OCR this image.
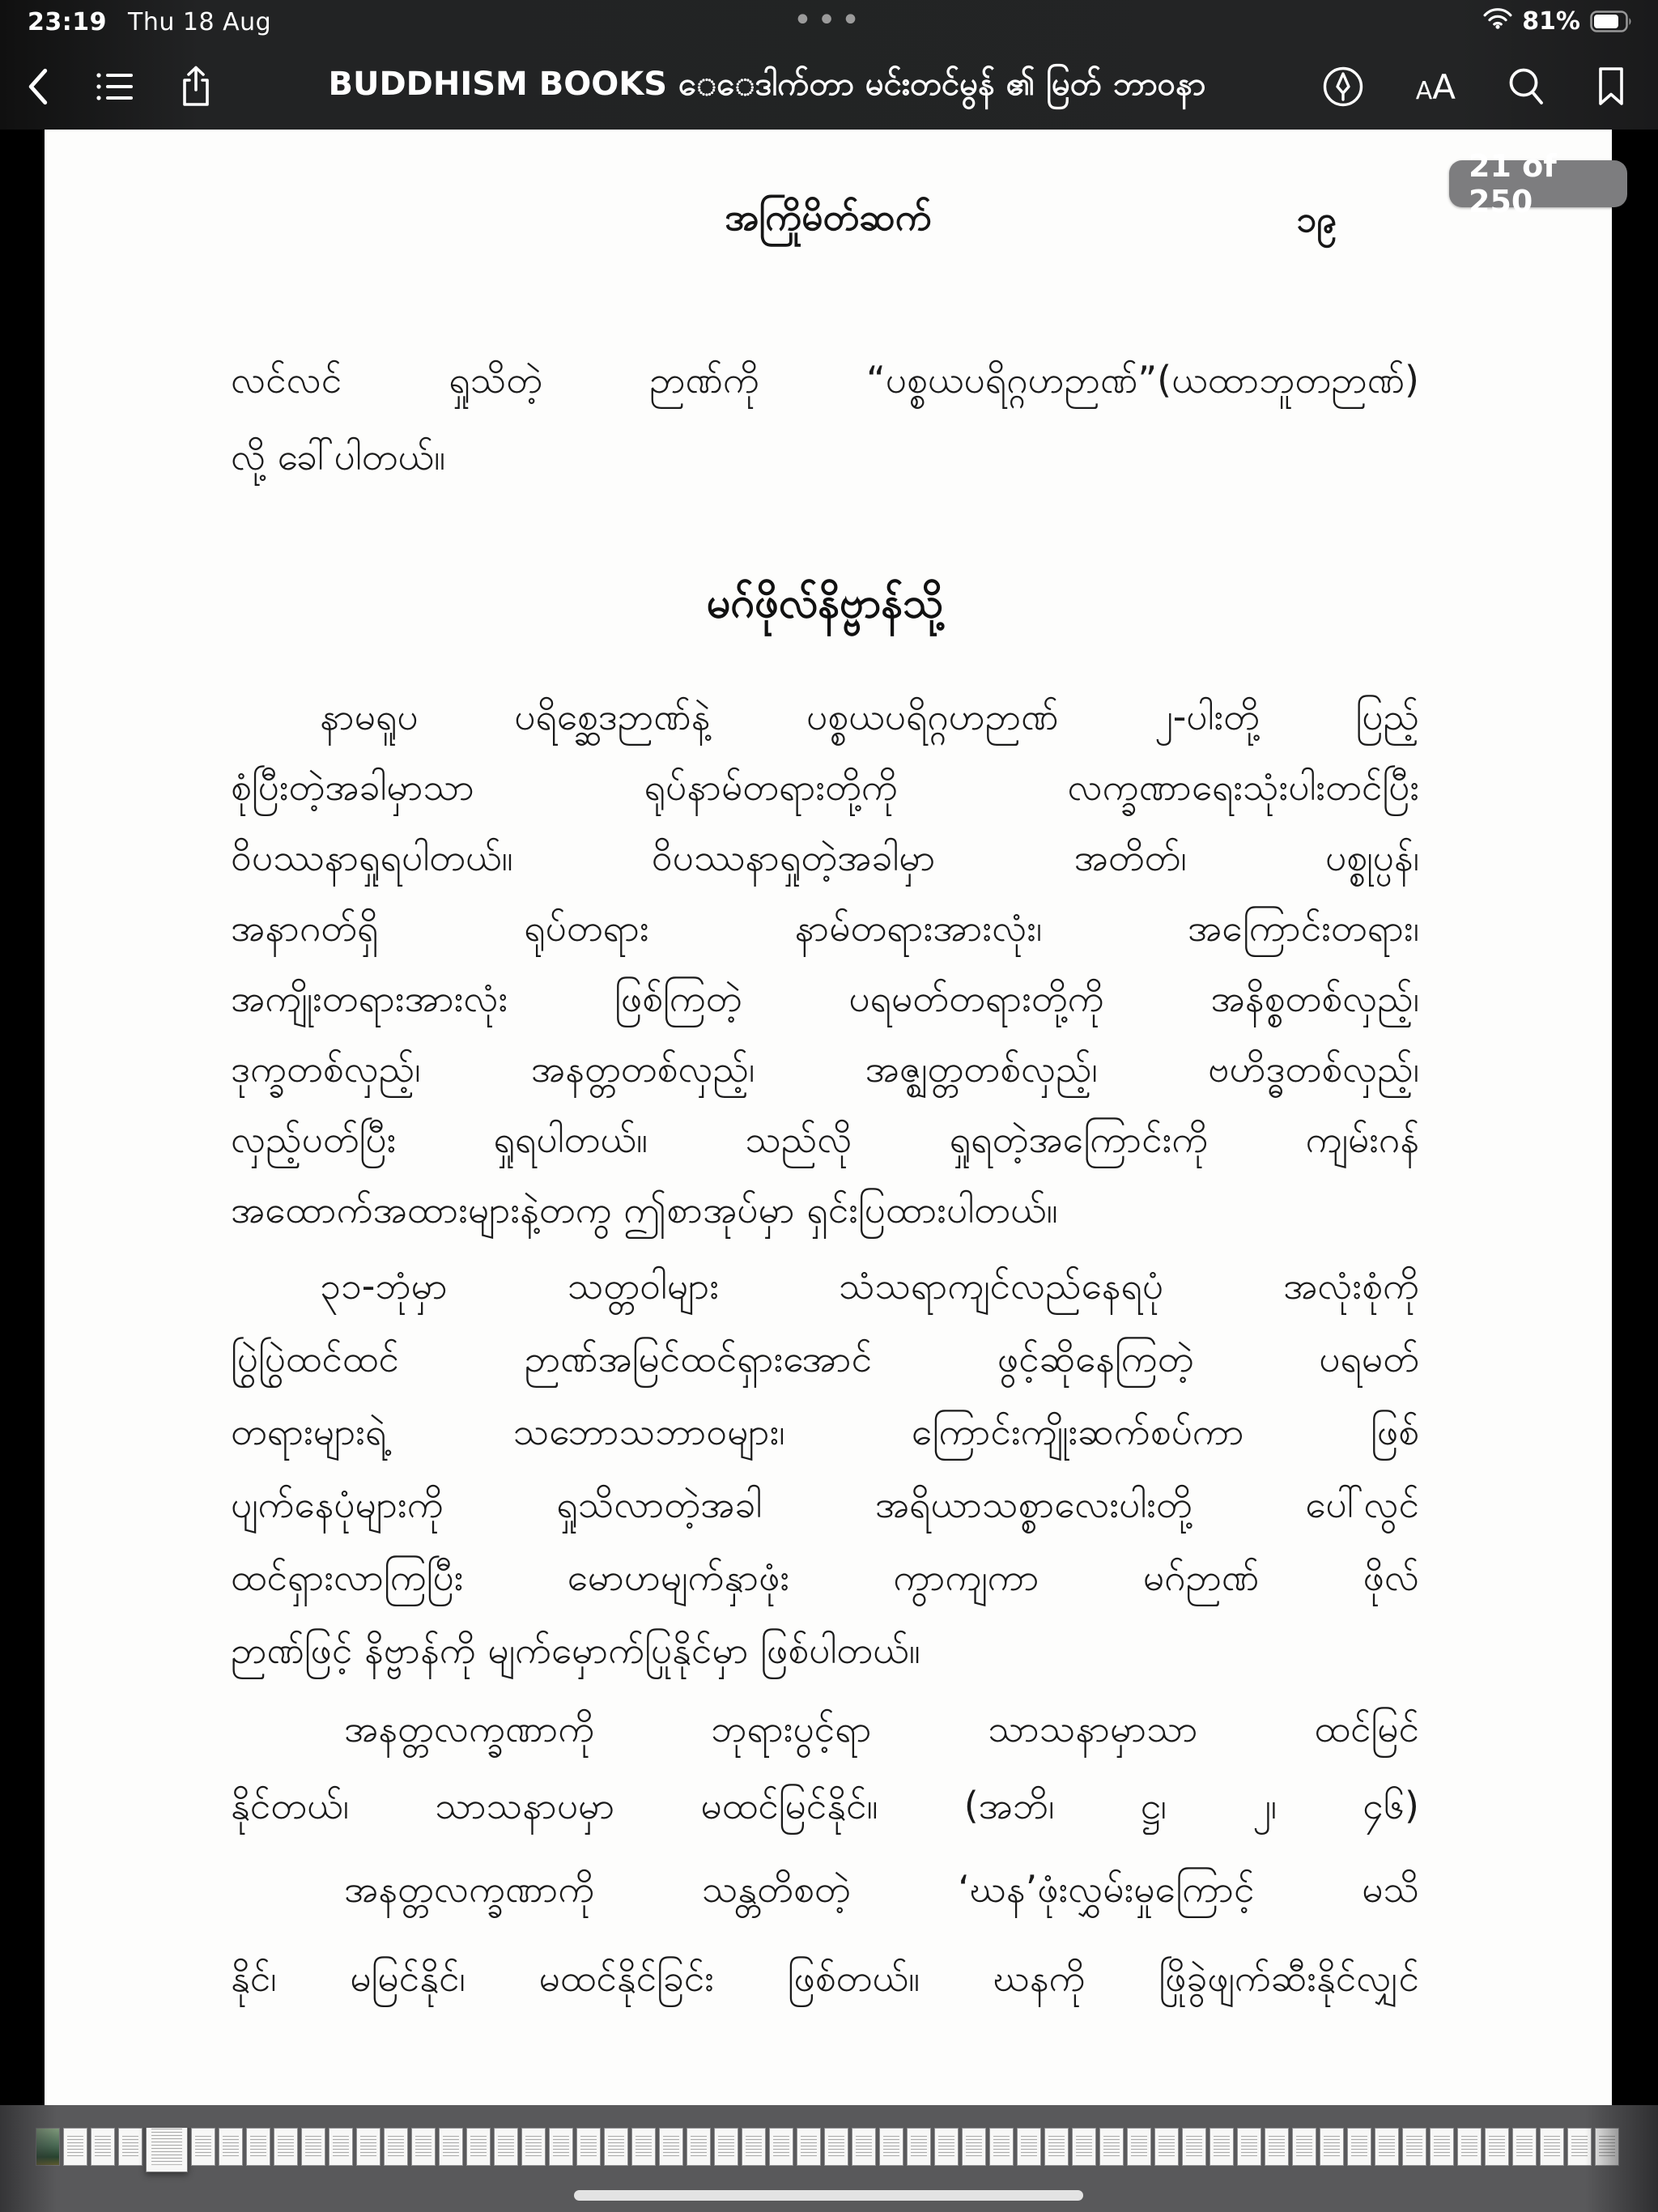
23:19 Thu 18 Aug	•••	81%
BUDDHISM BOOKS ေ◌ေဒါက်တာ မင်းတင်မွန် ၏ မြတ် ဘာဝနာ	A A
21 of 250
အကြိုမိတ်ဆက်	၁၉
လင်လင် ရှုသိတဲ့ ဉာဏ်ကို “ပစ္စယပရိဂ္ဂဟဉာဏ်”(ယထာဘူတဉာဏ်)
လို့ ခေါ်ပါတယ်။
မဂ်ဖိုလ်နိဗ္ဗာန်သို့
နာမရူပ ပရိစ္ဆေဒဉာဏ်နဲ့ ပစ္စယပရိဂ္ဂဟဉာဏ် ၂-ပါးတို့ ပြည့်
စုံပြီးတဲ့အခါမှာသာ ရုပ်နာမ်တရားတို့ကို လက္ခဏာရေးသုံးပါးတင်ပြီး
ဝိပဿနာရှုရပါတယ်။ ဝိပဿနာရှုတဲ့အခါမှာ အတိတ်၊ ပစ္စုပ္ပန်၊
အနာဂတ်ရှိ ရုပ်တရား နာမ်တရားအားလုံး၊ အကြောင်းတရား၊
အကျိုးတရားအားလုံး ဖြစ်ကြတဲ့ ပရမတ်တရားတို့ကို အနိစ္စတစ်လှည့်၊
ဒုက္ခတစ်လှည့်၊ အနတ္တတစ်လှည့်၊ အဇ္ဈတ္တတစ်လှည့်၊ ဗဟိဒ္ဓတစ်လှည့်၊
လှည့်ပတ်ပြီး ရှုရပါတယ်။ သည်လို ရှုရတဲ့အကြောင်းကို ကျမ်းဂန်
အထောက်အထားများနဲ့တကွ ဤစာအုပ်မှာ ရှင်းပြထားပါတယ်။
၃၁-ဘုံမှာ သတ္တဝါများ သံသရာကျင်လည်နေရပုံ အလုံးစုံကို
ပြွဲပြွဲထင်ထင် ဉာဏ်အမြင်ထင်ရှားအောင် ဖွင့်ဆိုနေကြတဲ့ ပရမတ်
တရားများရဲ့ သဘောသဘာဝများ၊ ကြောင်းကျိုးဆက်စပ်ကာ ဖြစ်
ပျက်နေပုံများကို ရှုသိလာတဲ့အခါ အရိယာသစ္စာလေးပါးတို့ ပေါ်လွင်
ထင်ရှားလာကြပြီး မောဟမျက်နှာဖုံး ကွာကျကာ မဂ်ဉာဏ် ဖိုလ်
ဉာဏ်ဖြင့် နိဗ္ဗာန်ကို မျက်မှောက်ပြုနိုင်မှာ ဖြစ်ပါတယ်။
အနတ္တလက္ခဏာကို ဘုရားပွင့်ရာ သာသနာမှာသာ ထင်မြင်
နိုင်တယ်၊ သာသနာပမှာ မထင်မြင်နိုင်။ (အဘိ၊ ဋ္ဌ၊ ၂၊ ၄၆)
အနတ္တလက္ခဏာကို သန္တတိစတဲ့ ‘ဃန’ဖုံးလွှမ်းမှုကြောင့် မသိ
နိုင်၊ မမြင်နိုင်၊ မထင်နိုင်ခြင်း ဖြစ်တယ်။ ဃနကို ဖြိုခွဲဖျက်ဆီးနိုင်လျှင်
